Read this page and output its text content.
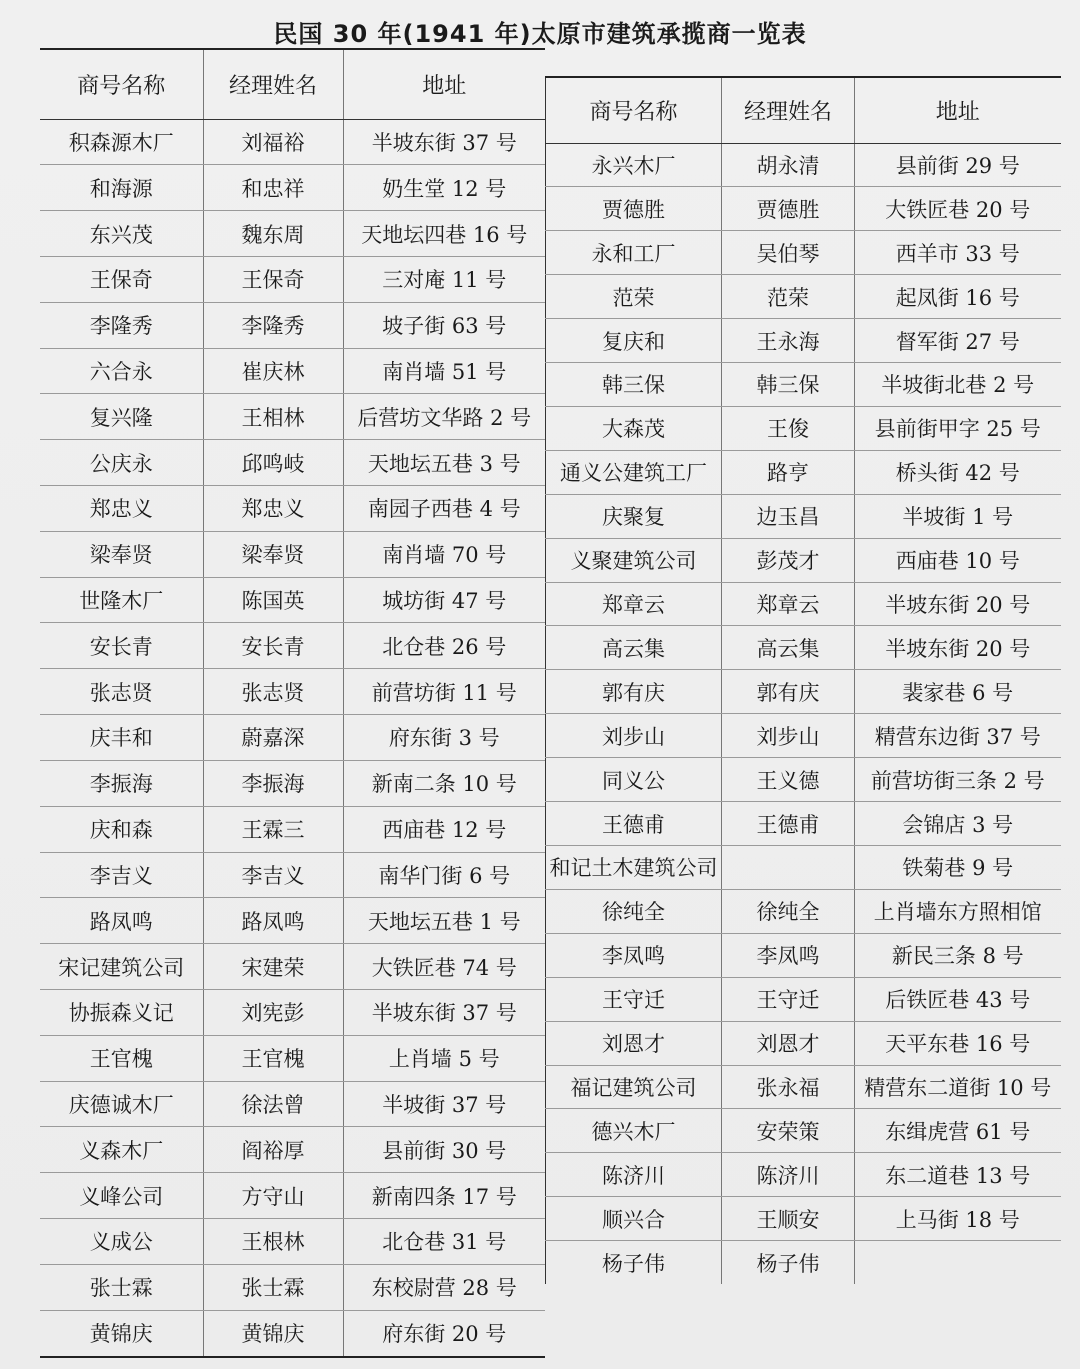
民国 30 年(1941 年)太原市建筑承揽商一览表
商号名称	经理姓名	地址
积森源木厂	刘福裕	半坡东街 37 号
和海源	和忠祥	奶生堂 12 号
东兴茂	魏东周	天地坛四巷 16 号
王保奇	王保奇	三对庵 11 号
李隆秀	李隆秀	坡子街 63 号
六合永	崔庆林	南肖墙 51 号
复兴隆	王相林	后营坊文华路 2 号
公庆永	邱鸣岐	天地坛五巷 3 号
郑忠义	郑忠义	南园子西巷 4 号
梁奉贤	梁奉贤	南肖墙 70 号
世隆木厂	陈国英	城坊街 47 号
安长青	安长青	北仓巷 26 号
张志贤	张志贤	前营坊街 11 号
庆丰和	蔚嘉深	府东街 3 号
李振海	李振海	新南二条 10 号
庆和森	王霖三	西庙巷 12 号
李吉义	李吉义	南华门街 6 号
路凤鸣	路凤鸣	天地坛五巷 1 号
宋记建筑公司	宋建荣	大铁匠巷 74 号
协振森义记	刘宪彭	半坡东街 37 号
王官槐	王官槐	上肖墙 5 号
庆德诚木厂	徐法曾	半坡街 37 号
义森木厂	阎裕厚	县前街 30 号
义峰公司	方守山	新南四条 17 号
义成公	王根林	北仓巷 31 号
张士霖	张士霖	东校尉营 28 号
黄锦庆	黄锦庆	府东街 20 号
商号名称	经理姓名	地址
永兴木厂	胡永清	县前街 29 号
贾德胜	贾德胜	大铁匠巷 20 号
永和工厂	吴伯琴	西羊市 33 号
范荣	范荣	起凤街 16 号
复庆和	王永海	督军街 27 号
韩三保	韩三保	半坡街北巷 2 号
大森茂	王俊	县前街甲字 25 号
通义公建筑工厂	路亨	桥头街 42 号
庆聚复	边玉昌	半坡街 1 号
义聚建筑公司	彭茂才	西庙巷 10 号
郑章云	郑章云	半坡东街 20 号
高云集	高云集	半坡东街 20 号
郭有庆	郭有庆	裴家巷 6 号
刘步山	刘步山	精营东边街 37 号
同义公	王义德	前营坊街三条 2 号
王德甫	王德甫	会锦店 3 号
和记土木建筑公司		铁菊巷 9 号
徐纯全	徐纯全	上肖墙东方照相馆
李凤鸣	李凤鸣	新民三条 8 号
王守迁	王守迁	后铁匠巷 43 号
刘恩才	刘恩才	天平东巷 16 号
福记建筑公司	张永福	精营东二道街 10 号
德兴木厂	安荣策	东缉虎营 61 号
陈济川	陈济川	东二道巷 13 号
顺兴合	王顺安	上马街 18 号
杨子伟	杨子伟	
